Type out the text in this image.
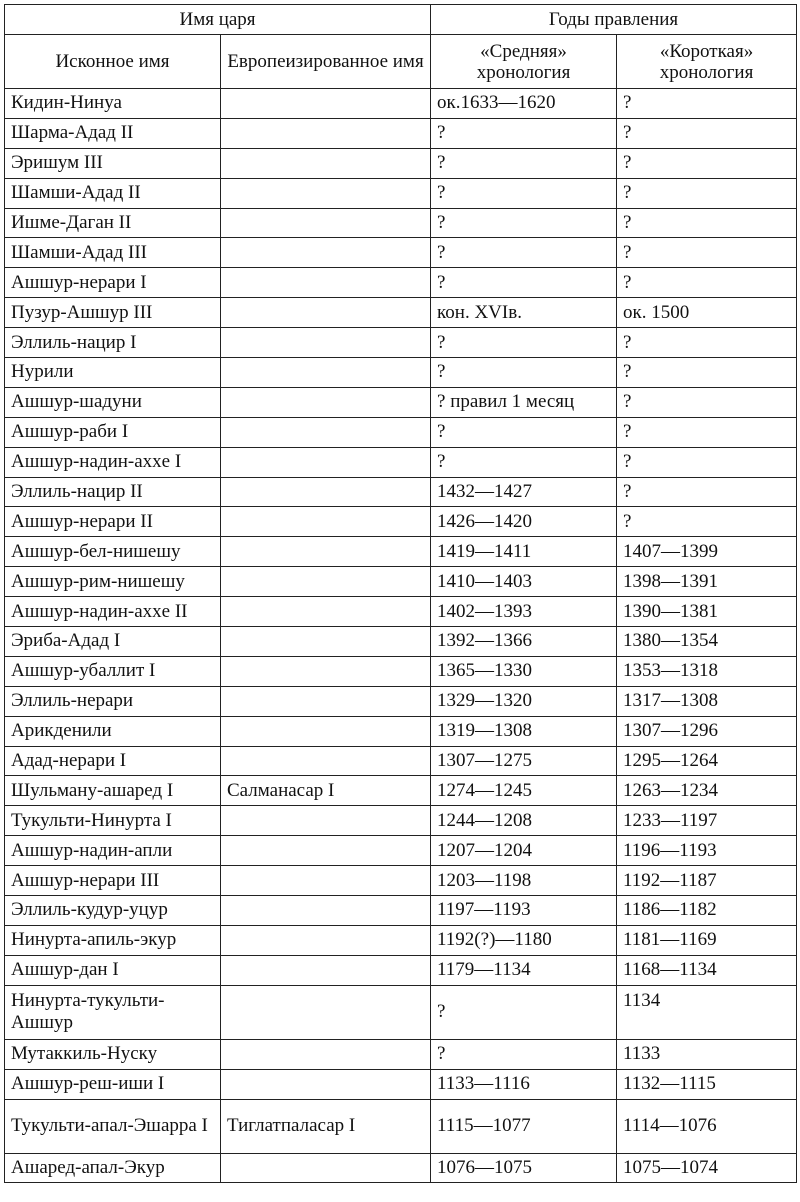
Имя царя		Годы правления	
Исконное имя	Европеизированное имя	«Средняя» хронология	«Короткая» хронология
Кидин-Нинуа		ок.1633—1620	?
Шарма-Адад II		?	?
Эришум III		?	?
Шамши-Адад II		?	?
Ишме-Даган II		?	?
Шамши-Адад III		?	?
Ашшур-нерари I		?	?
Пузур-Ашшур III		кон. XVIв.	ок. 1500
Эллиль-нацир I		?	?
Нурили		?	?
Ашшур-шадуни		? правил 1 месяц	?
Ашшур-раби I		?	?
Ашшур-надин-ахxе I		?	?
Эллиль-нацир II		1432—1427	?
Ашшур-нерари II		1426—1420	?
Ашшур-бел-нишешу		1419—1411	1407—1399
Ашшур-рим-нишешу		1410—1403	1398—1391
Ашшур-надин-ахxе II		1402—1393	1390—1381
Эриба-Адад I		1392—1366	1380—1354
Ашшур-убаллит I		1365—1330	1353—1318
Эллиль-нерари		1329—1320	1317—1308
Арикденили		1319—1308	1307—1296
Адад-нерари I		1307—1275	1295—1264
Шульману-ашаред I	Салманасар I	1274—1245	1263—1234
Тукульти-Нинурта I		1244—1208	1233—1197
Ашшур-надин-апли		1207—1204	1196—1193
Ашшур-нерари III		1203—1198	1192—1187
Эллиль-кудур-уцур		1197—1193	1186—1182
Нинурта-апиль-экур		1192(?)—1180	1181—1169
Ашшур-дан I		1179—1134	1168—1134
Нинурта-тукульти-Ашшур		?	1134
Мутаккиль-Нуску		?	1133
Ашшур-реш-иши I		1133—1116	1132—1115
Тукульти-апал-Эшарра I	Тиглатпаласар I	1115—1077	1114—1076
Ашаред-апал-Экур		1076—1075	1075—1074
